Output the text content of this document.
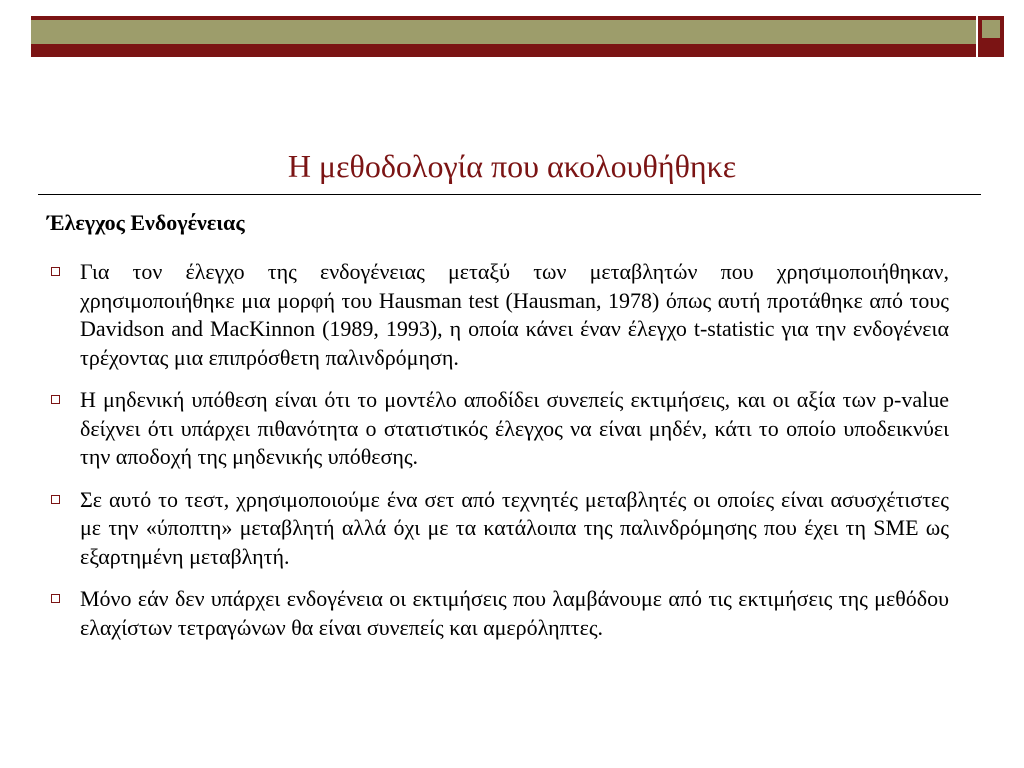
Η μεθοδολογία που ακολουθήθηκε
Έλεγχος Ενδογένειας
Για τον έλεγχο της ενδογένειας μεταξύ των μεταβλητών που χρησιμοποιήθηκαν, χρησιμοποιήθηκε μια μορφή του Hausman test (Hausman, 1978) όπως αυτή προτάθηκε από τους Davidson and MacKinnon (1989, 1993), η οποία κάνει έναν έλεγχο t-statistic για την ενδογένεια τρέχοντας μια επιπρόσθετη παλινδρόμηση.
Η μηδενική υπόθεση είναι ότι το μοντέλο αποδίδει συνεπείς εκτιμήσεις, και οι αξία των p-value δείχνει ότι υπάρχει πιθανότητα ο στατιστικός έλεγχος να είναι μηδέν, κάτι το οποίο υποδεικνύει την αποδοχή της μηδενικής υπόθεσης.
Σε αυτό το τεστ, χρησιμοποιούμε ένα σετ από τεχνητές μεταβλητές οι οποίες είναι ασυσχέτιστες με την «ύποπτη» μεταβλητή αλλά όχι με τα κατάλοιπα της παλινδρόμησης που έχει τη SME ως εξαρτημένη μεταβλητή.
Μόνο εάν δεν υπάρχει ενδογένεια οι εκτιμήσεις που λαμβάνουμε από τις εκτιμήσεις της μεθόδου ελαχίστων τετραγώνων θα είναι συνεπείς και αμερόληπτες.
